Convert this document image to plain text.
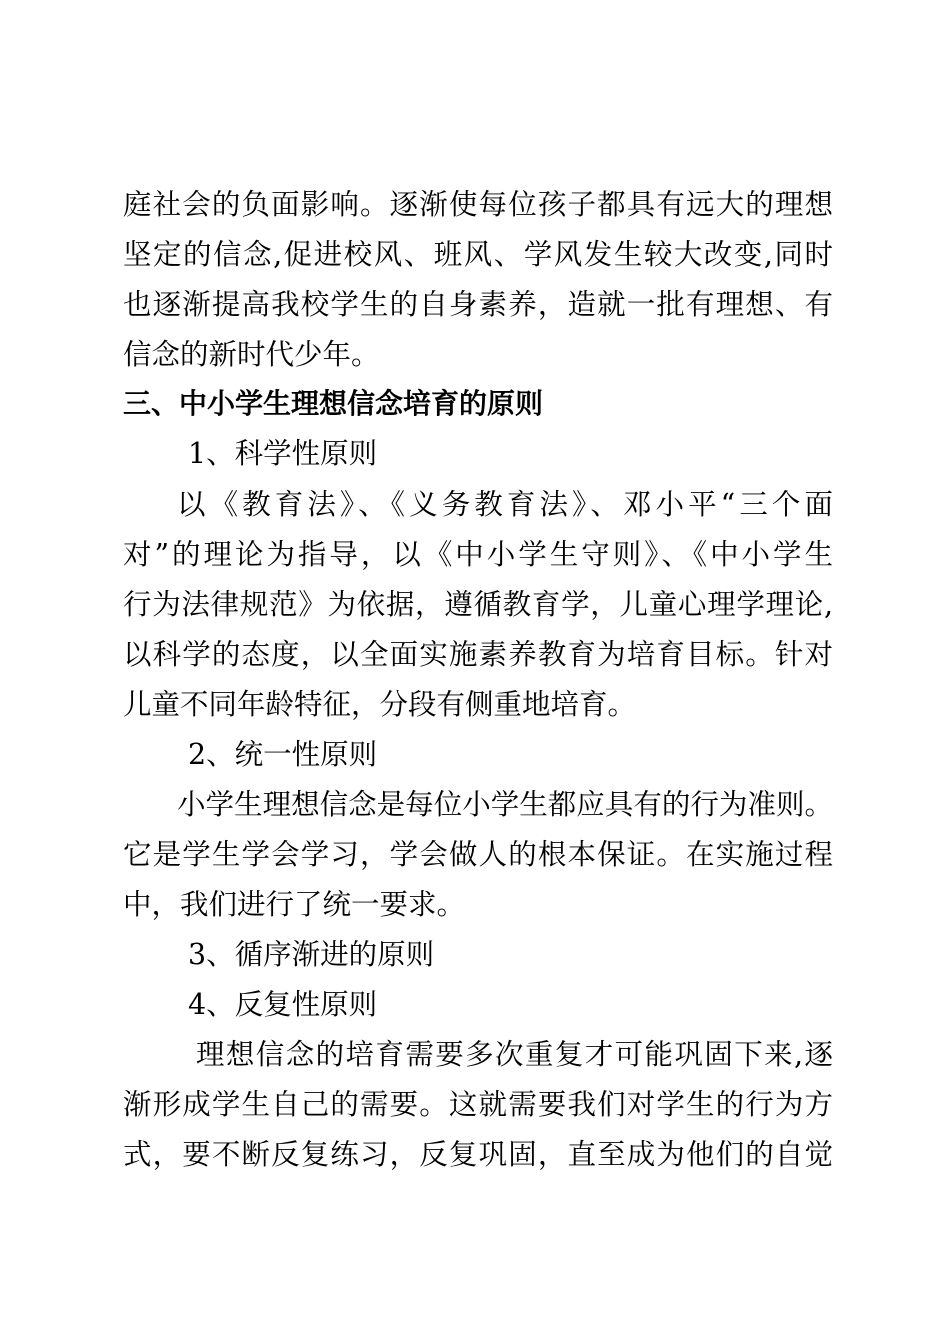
庭社会的负面影响。逐渐使每位孩子都具有远大的理想
坚定的信念,促进校风、班风、学风发生较大改变,同时
也逐渐提高我校学生的自身素养，造就一批有理想、有
信念的新时代少年。
三、中小学生理想信念培育的原则
1、科学性原则
以《教育法》、《义务教育法》、邓小平“三个面
对”的理论为指导，以《中小学生守则》、《中小学生
行为法律规范》为依据，遵循教育学，儿童心理学理论,
以科学的态度，以全面实施素养教育为培育目标。针对
儿童不同年龄特征，分段有侧重地培育。
2、统一性原则
小学生理想信念是每位小学生都应具有的行为准则。
它是学生学会学习，学会做人的根本保证。在实施过程
中，我们进行了统一要求。
3、循序渐进的原则
4、反复性原则
理想信念的培育需要多次重复才可能巩固下来,逐
渐形成学生自己的需要。这就需要我们对学生的行为方
式，要不断反复练习，反复巩固，直至成为他们的自觉
